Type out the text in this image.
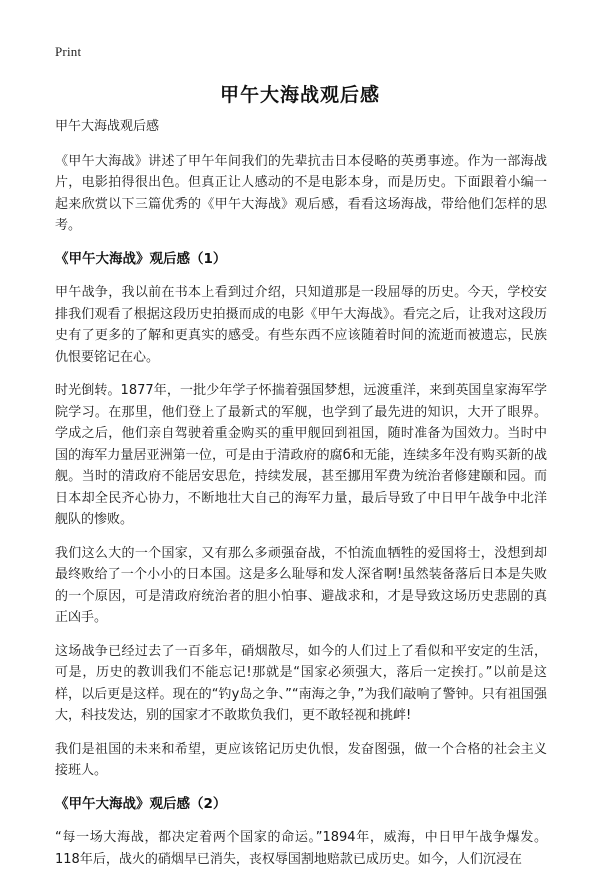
Print
甲午大海战观后感

甲午大海战观后感

《甲午大海战》讲述了甲午年间我们的先辈抗击日本侵略的英勇事迹。作为一部海战片，电影拍得很出色。但真正让人感动的不是电影本身，而是历史。下面跟着小编一起来欣赏以下三篇优秀的《甲午大海战》观后感，看看这场海战，带给他们怎样的思考。

《甲午大海战》观后感（1）

甲午战争，我以前在书本上看到过介绍，只知道那是一段屈辱的历史。今天，学校安排我们观看了根据这段历史拍摄而成的电影《甲午大海战》。看完之后，让我对这段历史有了更多的了解和更真实的感受。有些东西不应该随着时间的流逝而被遗忘，民族仇恨要铭记在心。

时光倒转。1877年，一批少年学子怀揣着强国梦想，远渡重洋，来到英国皇家海军学院学习。在那里，他们登上了最新式的军舰，也学到了最先进的知识，大开了眼界。学成之后，他们亲自驾驶着重金购买的重甲舰回到祖国，随时准备为国效力。当时中国的海军力量居亚洲第一位，可是由于清政府的腐б和无能，连续多年没有购买新的战舰。当时的清政府不能居安思危，持续发展，甚至挪用军费为统治者修建颐和园。而日本却全民齐心协力，不断地壮大自己的海军力量，最后导致了中日甲午战争中北洋舰队的惨败。

我们这么大的一个国家，又有那么多顽强奋战，不怕流血牺牲的爱国将士，没想到却最终败给了一个小小的日本国。这是多么耻辱和发人深省啊!虽然装备落后日本是失败的一个原因，可是清政府统治者的胆小怕事、避战求和，才是导致这场历史悲剧的真正凶手。

这场战争已经过去了一百多年，硝烟散尽，如今的人们过上了看似和平安定的生活，可是，历史的教训我们不能忘记!那就是“国家必须强大，落后一定挨打。”以前是这样，以后更是这样。现在的“钓y岛之争、”“南海之争，”为我们敲响了警钟。只有祖国强大，科技发达，别的国家才不敢欺负我们，更不敢轻视和挑衅!

我们是祖国的未来和希望，更应该铭记历史仇恨，发奋图强，做一个合格的社会主义接班人。

《甲午大海战》观后感（2）

“每一场大海战，都决定着两个国家的命运。”1894年，威海，中日甲午战争爆发。118年后，战火的硝烟早已消失，丧权辱国割地赔款已成历史。如今，人们沉浸在
